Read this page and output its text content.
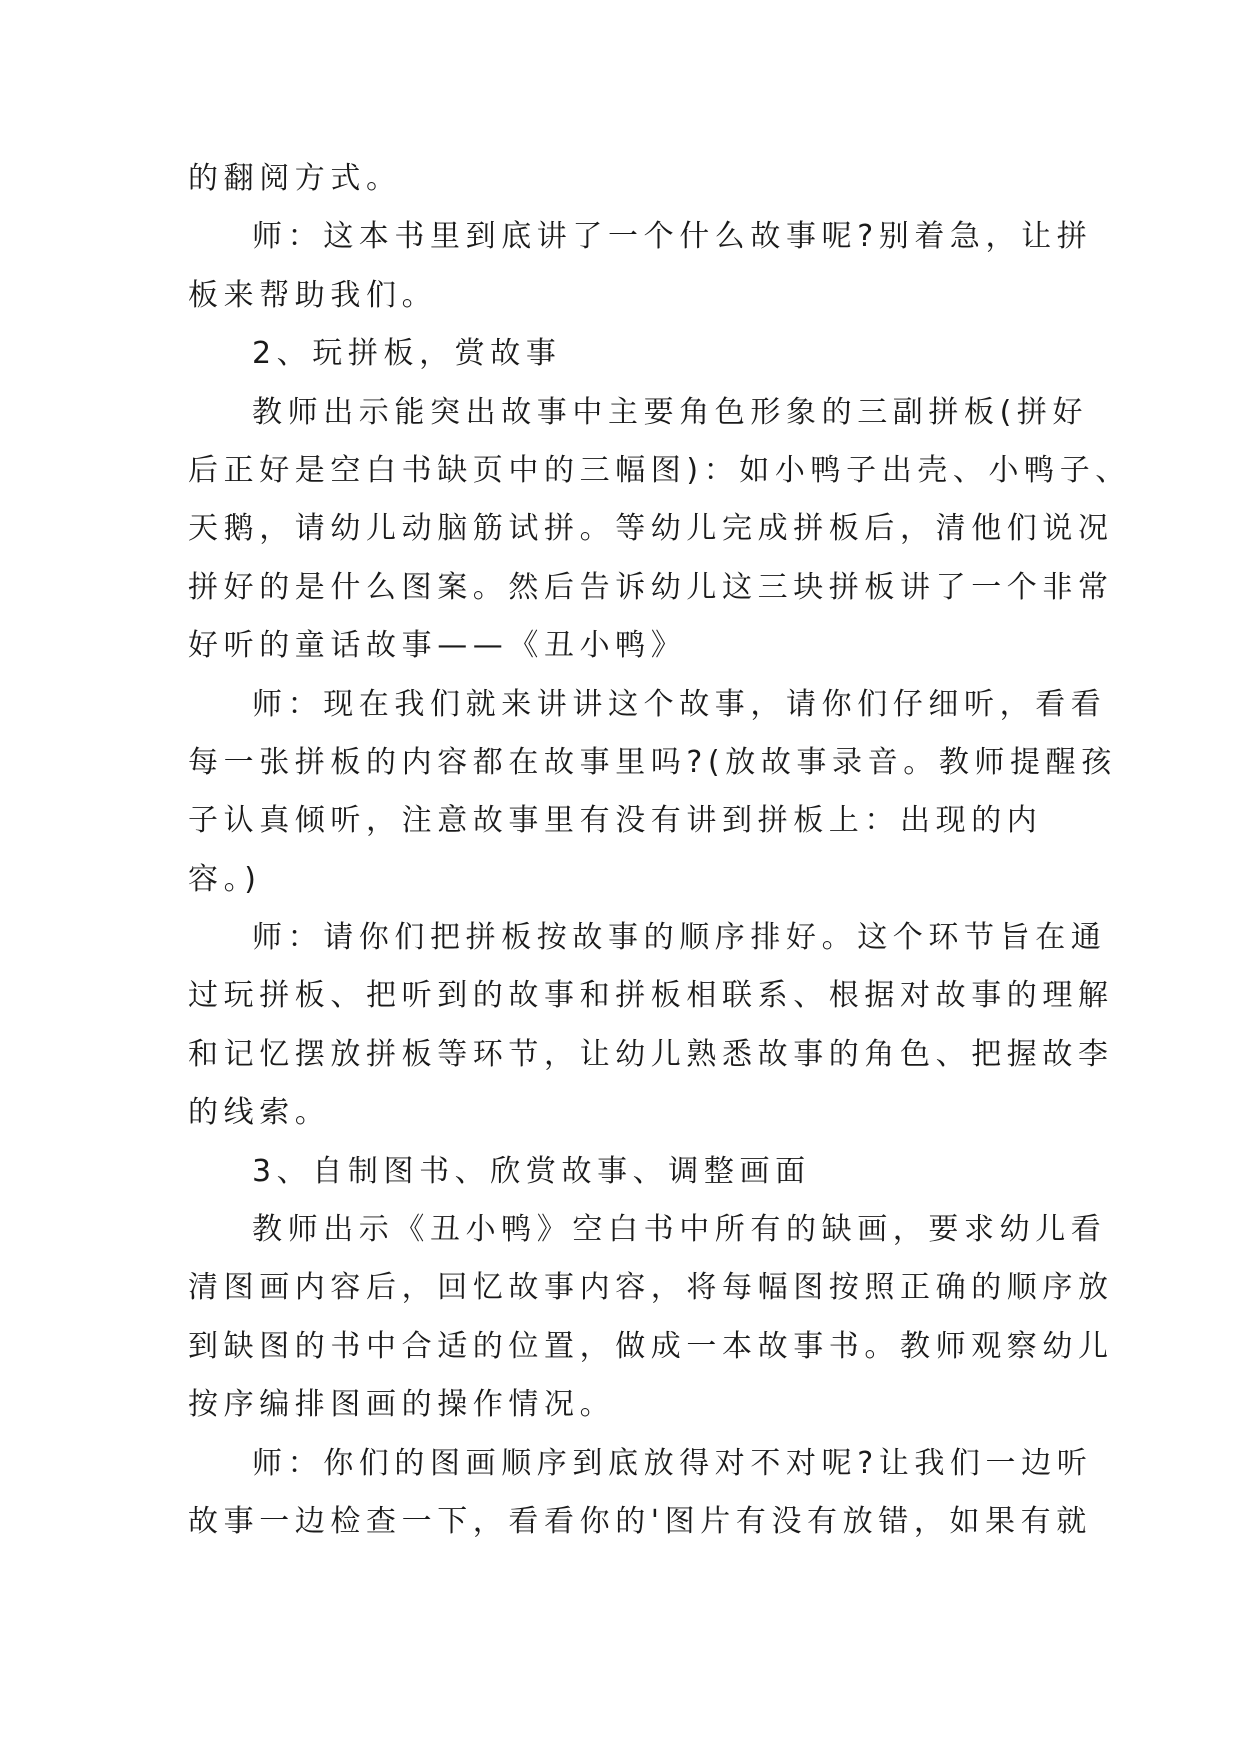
的翻阅方式。
师：这本书里到底讲了一个什么故事呢?别着急，让拼
板来帮助我们。
2、玩拼板，赏故事
教师出示能突出故事中主要角色形象的三副拼板(拼好
后正好是空白书缺页中的三幅图)：如小鸭子出壳、小鸭子、
天鹅，请幼儿动脑筋试拼。等幼儿完成拼板后，清他们说况
拼好的是什么图案。然后告诉幼儿这三块拼板讲了一个非常
好听的童话故事——《丑小鸭》
师：现在我们就来讲讲这个故事，请你们仔细听，看看
每一张拼板的内容都在故事里吗?(放故事录音。教师提醒孩
子认真倾听，注意故事里有没有讲到拼板上：出现的内
容。)
师：请你们把拼板按故事的顺序排好。这个环节旨在通
过玩拼板、把听到的故事和拼板相联系、根据对故事的理解
和记忆摆放拼板等环节，让幼儿熟悉故事的角色、把握故李
的线索。
3、自制图书、欣赏故事、调整画面
教师出示《丑小鸭》空白书中所有的缺画，要求幼儿看
清图画内容后，回忆故事内容，将每幅图按照正确的顺序放
到缺图的书中合适的位置，做成一本故事书。教师观察幼儿
按序编排图画的操作情况。
师：你们的图画顺序到底放得对不对呢?让我们一边听
故事一边检查一下，看看你的'图片有没有放错，如果有就
